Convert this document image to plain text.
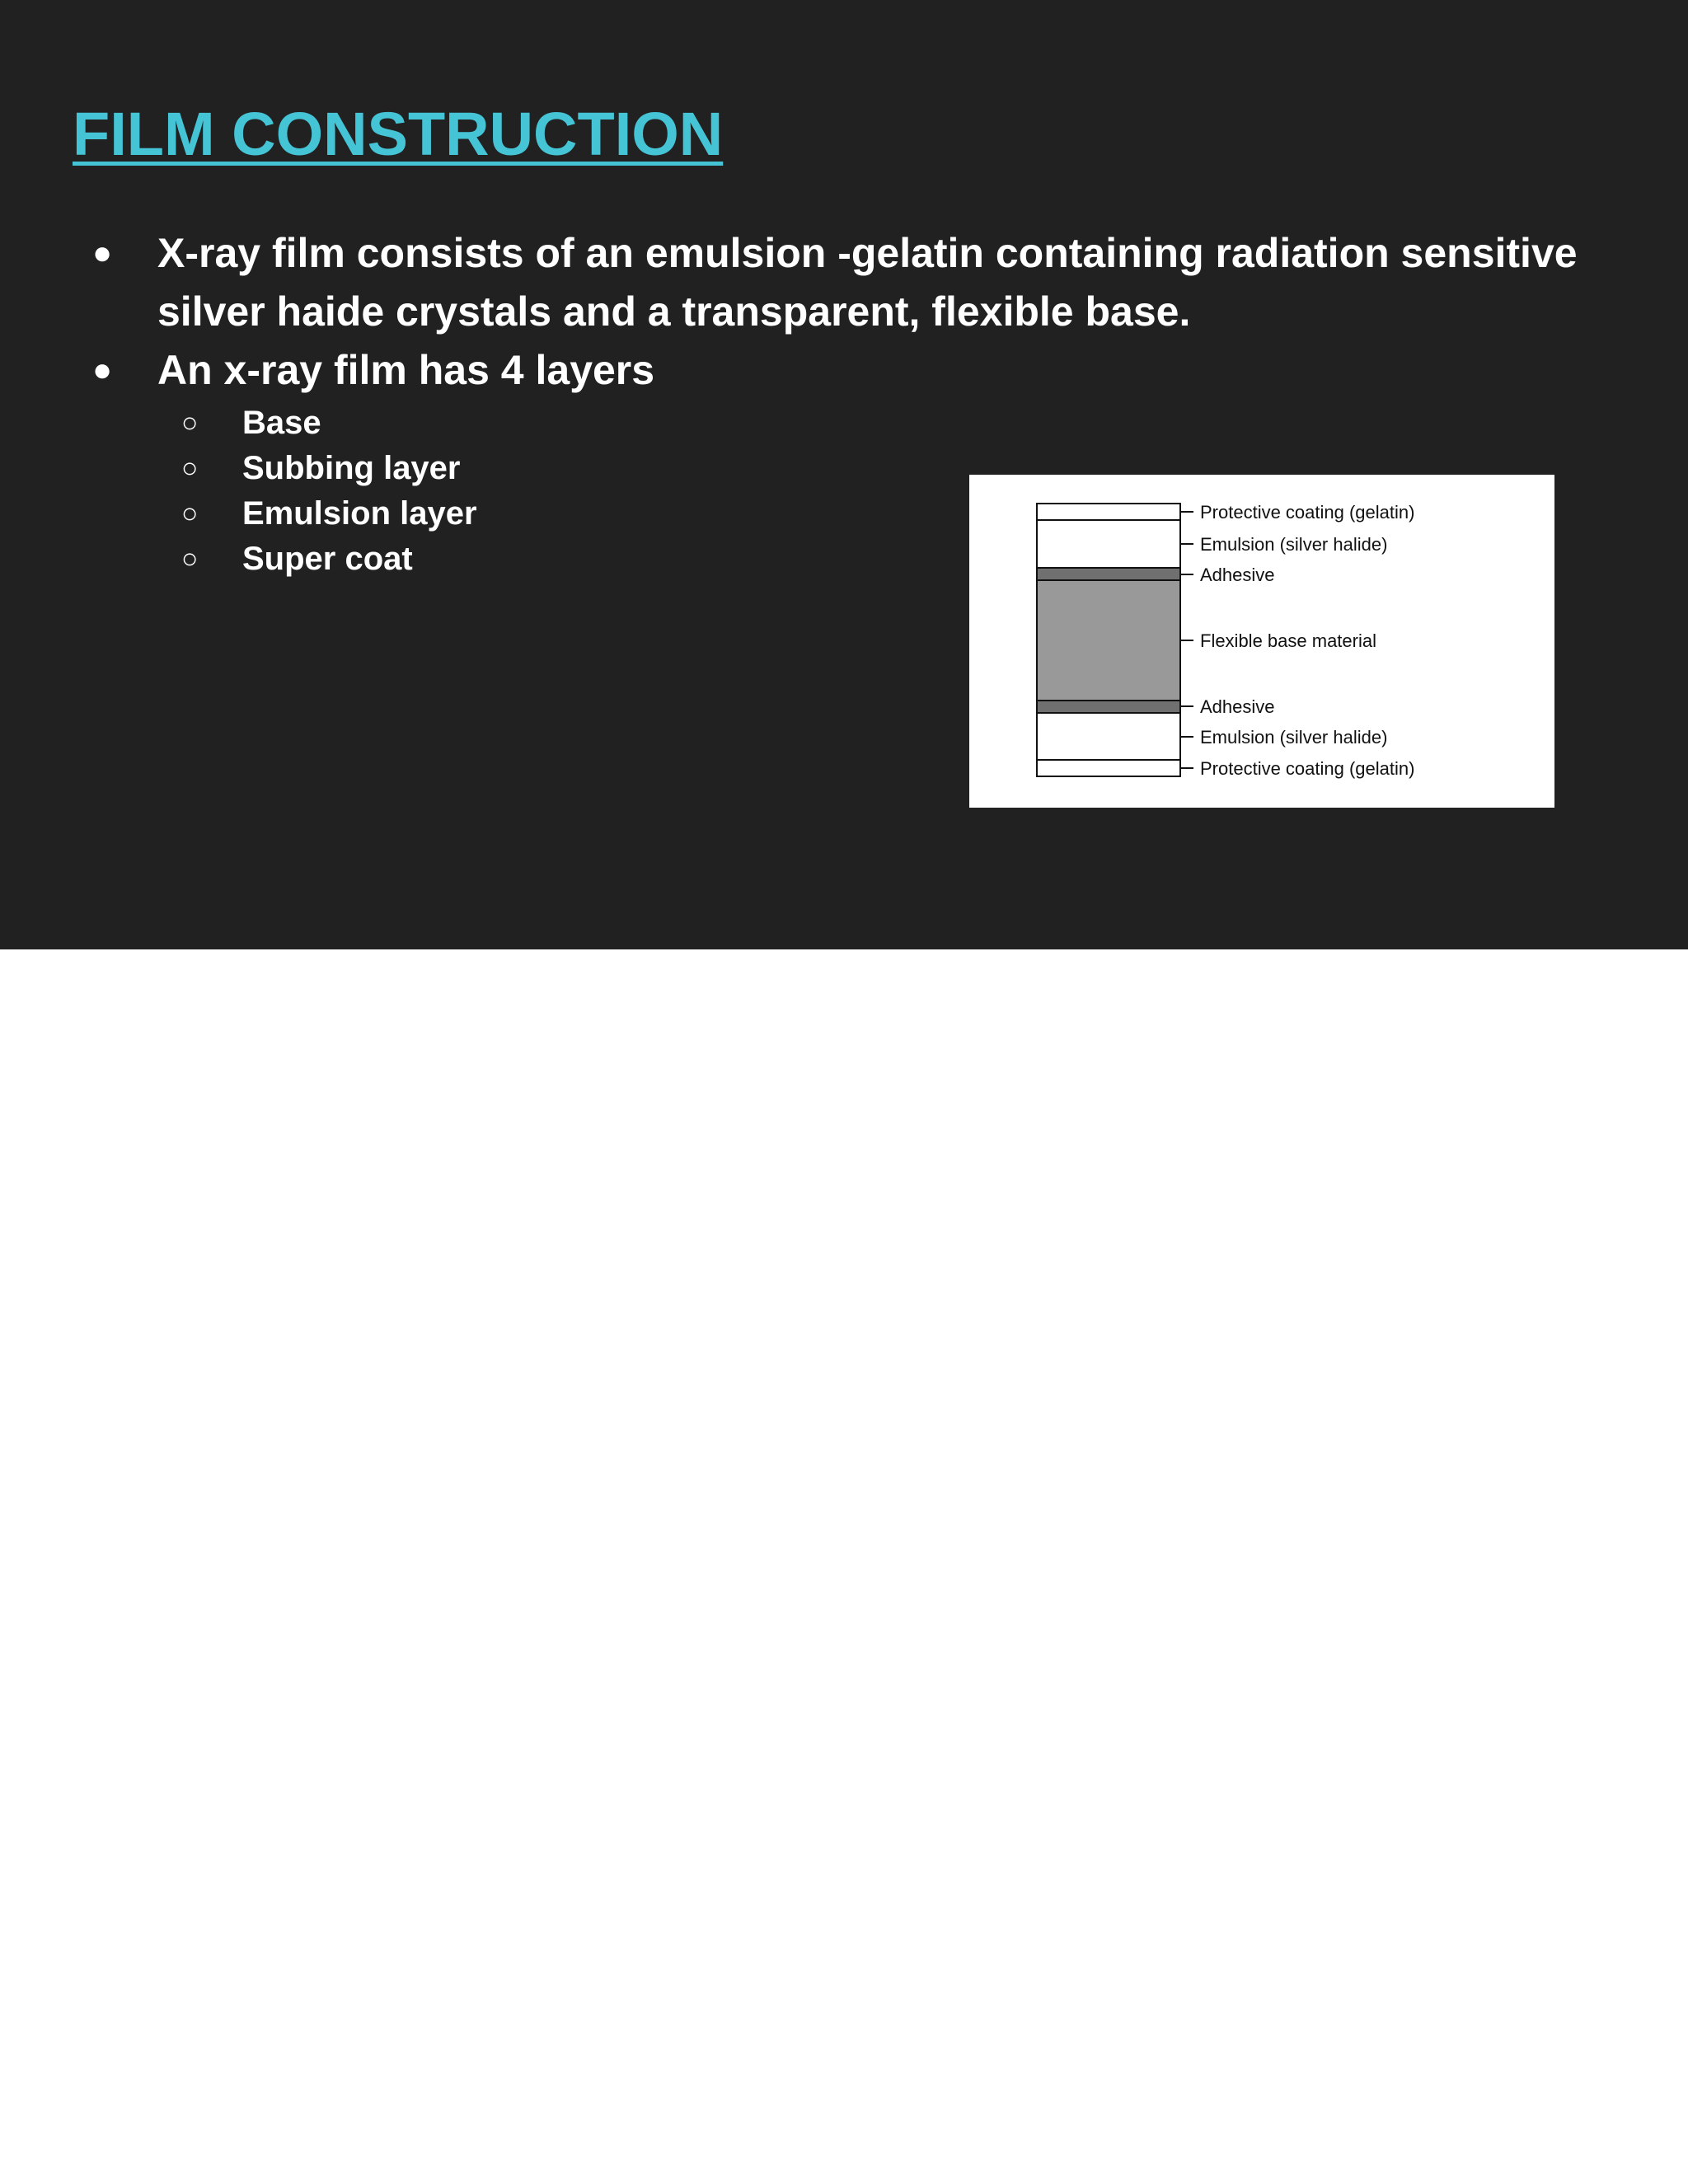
FILM CONSTRUCTION
● X-ray film consists of an emulsion -gelatin containing radiation sensitive silver haide crystals and a transparent, flexible base.
● An x-ray film has 4 layers
○ Base
○ Subbing layer
○ Emulsion layer
○ Super coat
Protective coating (gelatin)
Emulsion (silver halide)
Adhesive
Flexible base material
Adhesive
Emulsion (silver halide)
Protective coating (gelatin)
